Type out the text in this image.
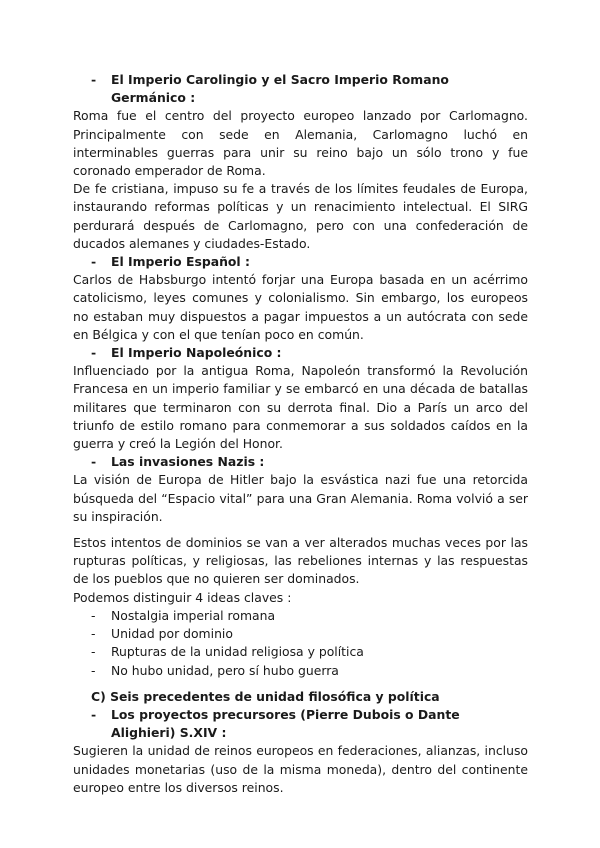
- El Imperio Carolingio y el Sacro Imperio Romano Germánico :
Roma fue el centro del proyecto europeo lanzado por Carlomagno. Principalmente con sede en Alemania, Carlomagno luchó en interminables guerras para unir su reino bajo un sólo trono y fue coronado emperador de Roma.
De fe cristiana, impuso su fe a través de los límites feudales de Europa, instaurando reformas políticas y un renacimiento intelectual. El SIRG perdurará después de Carlomagno, pero con una confederación de ducados alemanes y ciudades-Estado.
- El Imperio Español :
Carlos de Habsburgo intentó forjar una Europa basada en un acérrimo catolicismo, leyes comunes y colonialismo. Sin embargo, los europeos no estaban muy dispuestos a pagar impuestos a un autócrata con sede en Bélgica y con el que tenían poco en común.
- El Imperio Napoleónico :
Influenciado por la antigua Roma, Napoleón transformó la Revolución Francesa en un imperio familiar y se embarcó en una década de batallas militares que terminaron con su derrota final. Dio a París un arco del triunfo de estilo romano para conmemorar a sus soldados caídos en la guerra y creó la Legión del Honor.
- Las invasiones Nazis :
La visión de Europa de Hitler bajo la esvástica nazi fue una retorcida búsqueda del “Espacio vital” para una Gran Alemania. Roma volvió a ser su inspiración.
Estos intentos de dominios se van a ver alterados muchas veces por las rupturas políticas, y religiosas, las rebeliones internas y las respuestas de los pueblos que no quieren ser dominados.
Podemos distinguir 4 ideas claves :
- Nostalgia imperial romana
- Unidad por dominio
- Rupturas de la unidad religiosa y política
- No hubo unidad, pero sí hubo guerra
C) Seis precedentes de unidad filosófica y política
- Los proyectos precursores (Pierre Dubois o Dante Alighieri) S.XIV :
Sugieren la unidad de reinos europeos en federaciones, alianzas, incluso unidades monetarias (uso de la misma moneda), dentro del continente europeo entre los diversos reinos.
